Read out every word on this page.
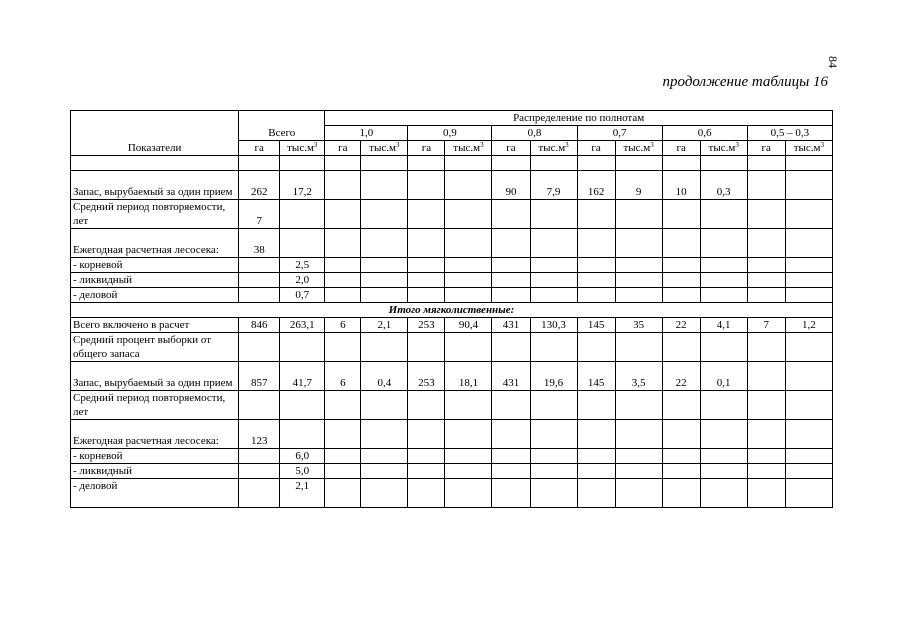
84
продолжение таблицы 16
Показатели	Всего		Распределение по полнотам											
			1,0		0,9		0,8		0,7		0,6		0,5 – 0,3	
	га	$тыс.м^3$	га	$тыс.м^3$	га	$тыс.м^3$	га	$тыс.м^3$	га	$тыс.м^3$	га	$тыс.м^3$	га	$тыс.м^3$

Запас, вырубаемый за один прием	262	17,2					90	7,9	162	9	10	0,3		
Средний период повторяемости, лет	7													
Ежегодная расчетная лесосека:	38													
- корневой		2,5												
- ликвидный		2,0												
- деловой		0,7												
Итого мягколиственные:														
Всего включено в расчет	846	263,1	6	2,1	253	90,4	431	130,3	145	35	22	4,1	7	1,2
Средний процент выборки от общего запаса														
Запас, вырубаемый за один прием	857	41,7	6	0,4	253	18,1	431	19,6	145	3,5	22	0,1		
Средний период повторяемости, лет														
Ежегодная расчетная лесосека:	123													
- корневой		6,0												
- ликвидный		5,0												
- деловой		2,1												
